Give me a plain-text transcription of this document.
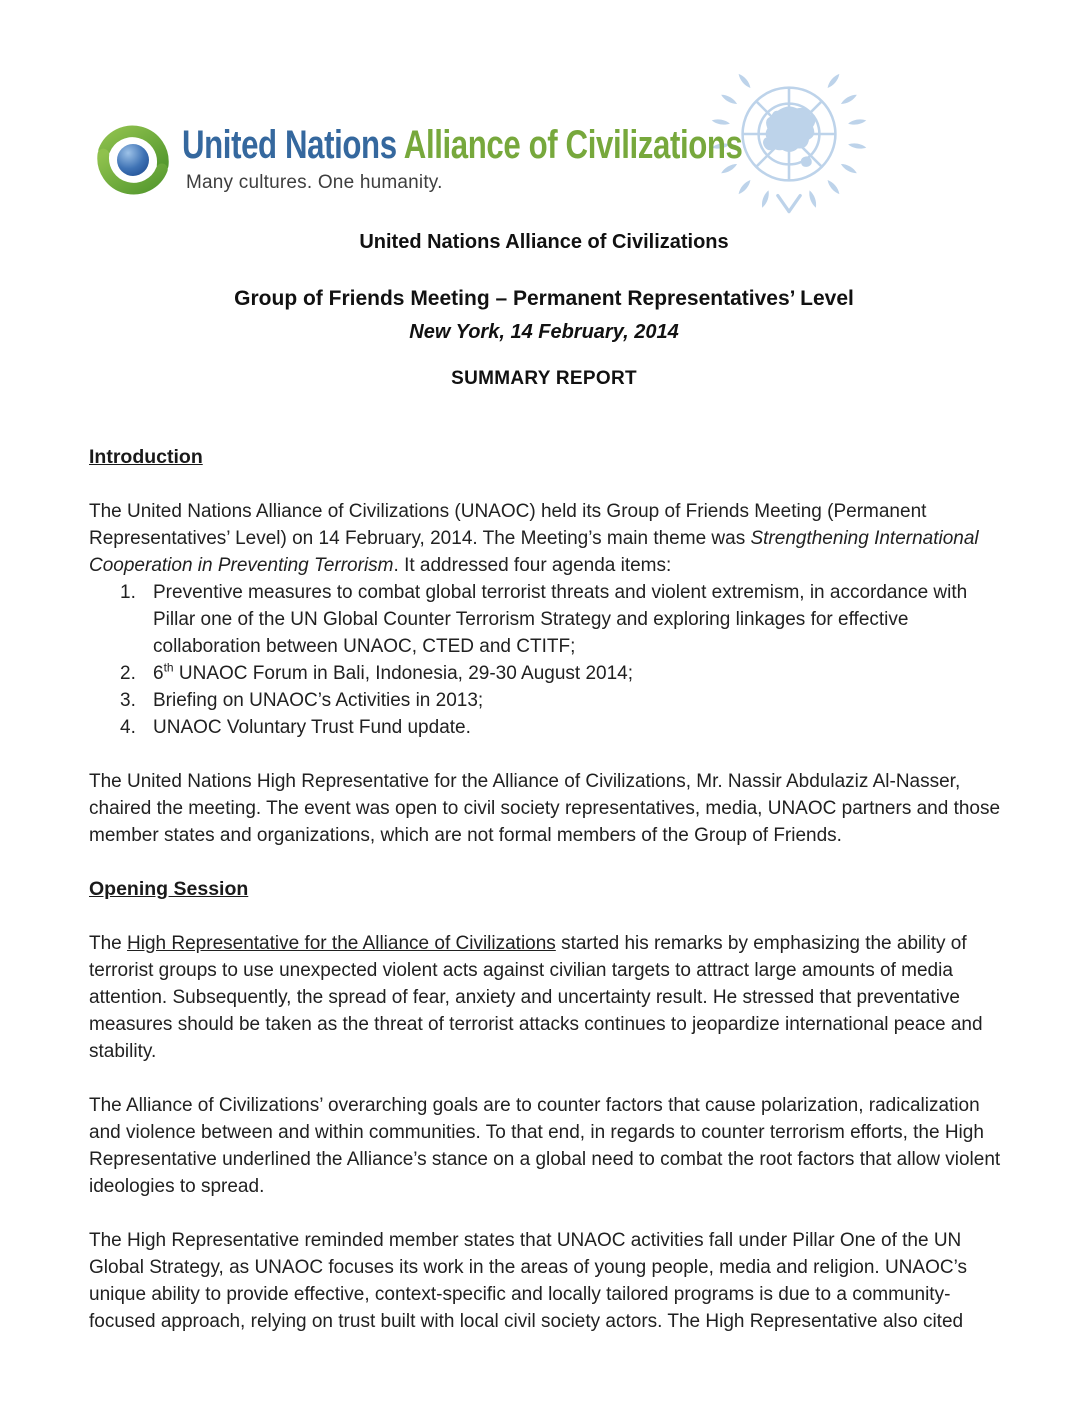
United Nations Alliance of Civilizations
Many cultures. One humanity.
United Nations Alliance of Civilizations
Group of Friends Meeting – Permanent Representatives’ Level
New York, 14 February, 2014
SUMMARY REPORT
Introduction

The United Nations Alliance of Civilizations (UNAOC) held its Group of Friends Meeting (Permanent Representatives’ Level) on 14 February, 2014. The Meeting’s main theme was Strengthening International Cooperation in Preventing Terrorism. It addressed four agenda items:

1. Preventive measures to combat global terrorist threats and violent extremism, in accordance with Pillar one of the UN Global Counter Terrorism Strategy and exploring linkages for effective collaboration between UNAOC, CTED and CTITF;
2. 6th UNAOC Forum in Bali, Indonesia, 29-30 August 2014;
3. Briefing on UNAOC’s Activities in 2013;
4. UNAOC Voluntary Trust Fund update.

The United Nations High Representative for the Alliance of Civilizations, Mr. Nassir Abdulaziz Al-Nasser, chaired the meeting. The event was open to civil society representatives, media, UNAOC partners and those member states and organizations, which are not formal members of the Group of Friends.

Opening Session

The High Representative for the Alliance of Civilizations started his remarks by emphasizing the ability of terrorist groups to use unexpected violent acts against civilian targets to attract large amounts of media attention. Subsequently, the spread of fear, anxiety and uncertainty result. He stressed that preventative measures should be taken as the threat of terrorist attacks continues to jeopardize international peace and stability.

The Alliance of Civilizations’ overarching goals are to counter factors that cause polarization, radicalization and violence between and within communities. To that end, in regards to counter terrorism efforts, the High Representative underlined the Alliance’s stance on a global need to combat the root factors that allow violent ideologies to spread.

The High Representative reminded member states that UNAOC activities fall under Pillar One of the UN Global Strategy, as UNAOC focuses its work in the areas of young people, media and religion. UNAOC’s unique ability to provide effective, context-specific and locally tailored programs is due to a community-focused approach, relying on trust built with local civil society actors. The High Representative also cited
